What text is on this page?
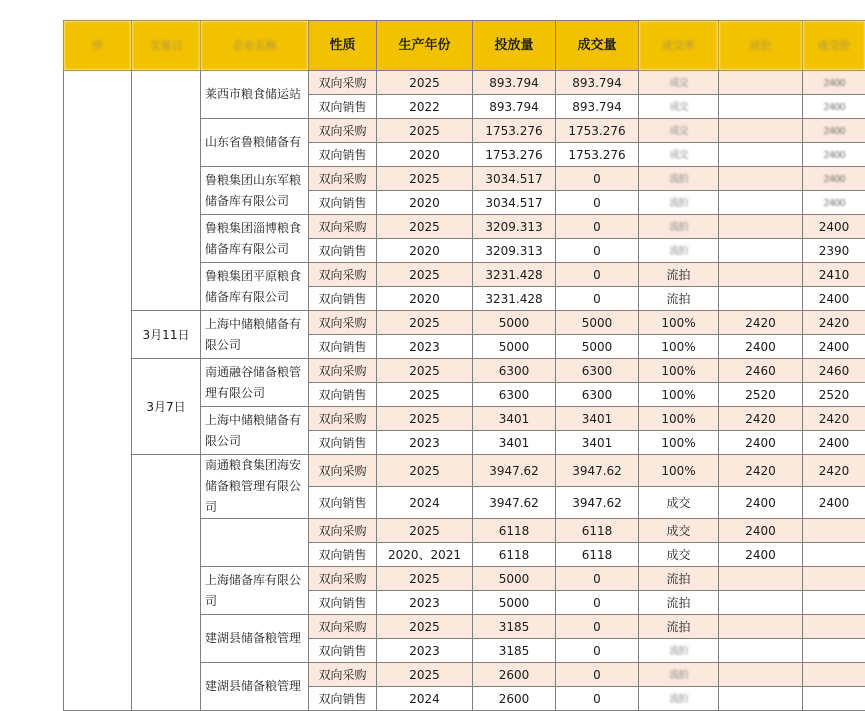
序	交易日	企业名称	性质	生产年份	投放量	成交量	成交率	底价	成交价
		莱西市粮食储运站	双向采购	2025	893.794	893.794	成交		2400
			双向销售	2022	893.794	893.794	成交		2400
		山东省鲁粮储备有	双向采购	2025	1753.276	1753.276	成交		2400
			双向销售	2020	1753.276	1753.276	成交		2400
		鲁粮集团山东军粮储备库有限公司	双向采购	2025	3034.517	0	流拍		2400
			双向销售	2020	3034.517	0	流拍		2400
		鲁粮集团淄博粮食储备库有限公司	双向采购	2025	3209.313	0	流拍		2400
			双向销售	2020	3209.313	0	流拍		2390
		鲁粮集团平原粮食储备库有限公司	双向采购	2025	3231.428	0	流拍		2410
			双向销售	2020	3231.428	0	流拍		2400
	3月11日	上海中储粮储备有限公司	双向采购	2025	5000	5000	100%	2420	2420
			双向销售	2023	5000	5000	100%	2400	2400
	3月7日	南通融谷储备粮管理有限公司	双向采购	2025	6300	6300	100%	2460	2460
			双向销售	2025	6300	6300	100%	2520	2520
		上海中储粮储备有限公司	双向采购	2025	3401	3401	100%	2420	2420
			双向销售	2023	3401	3401	100%	2400	2400
		南通粮食集团海安储备粮管理有限公司	双向采购	2025	3947.62	3947.62	100%	2420	2420
			双向销售	2024	3947.62	3947.62	成交	2400	2400
			双向采购	2025	6118	6118	成交	2400	
			双向销售	2020、2021	6118	6118	成交	2400	
		上海储备库有限公司	双向采购	2025	5000	0	流拍		
			双向销售	2023	5000	0	流拍		
		建湖县储备粮管理	双向采购	2025	3185	0	流拍		
			双向销售	2023	3185	0	流拍		
		建湖县储备粮管理	双向采购	2025	2600	0	流拍		
			双向销售	2024	2600	0	流拍		
